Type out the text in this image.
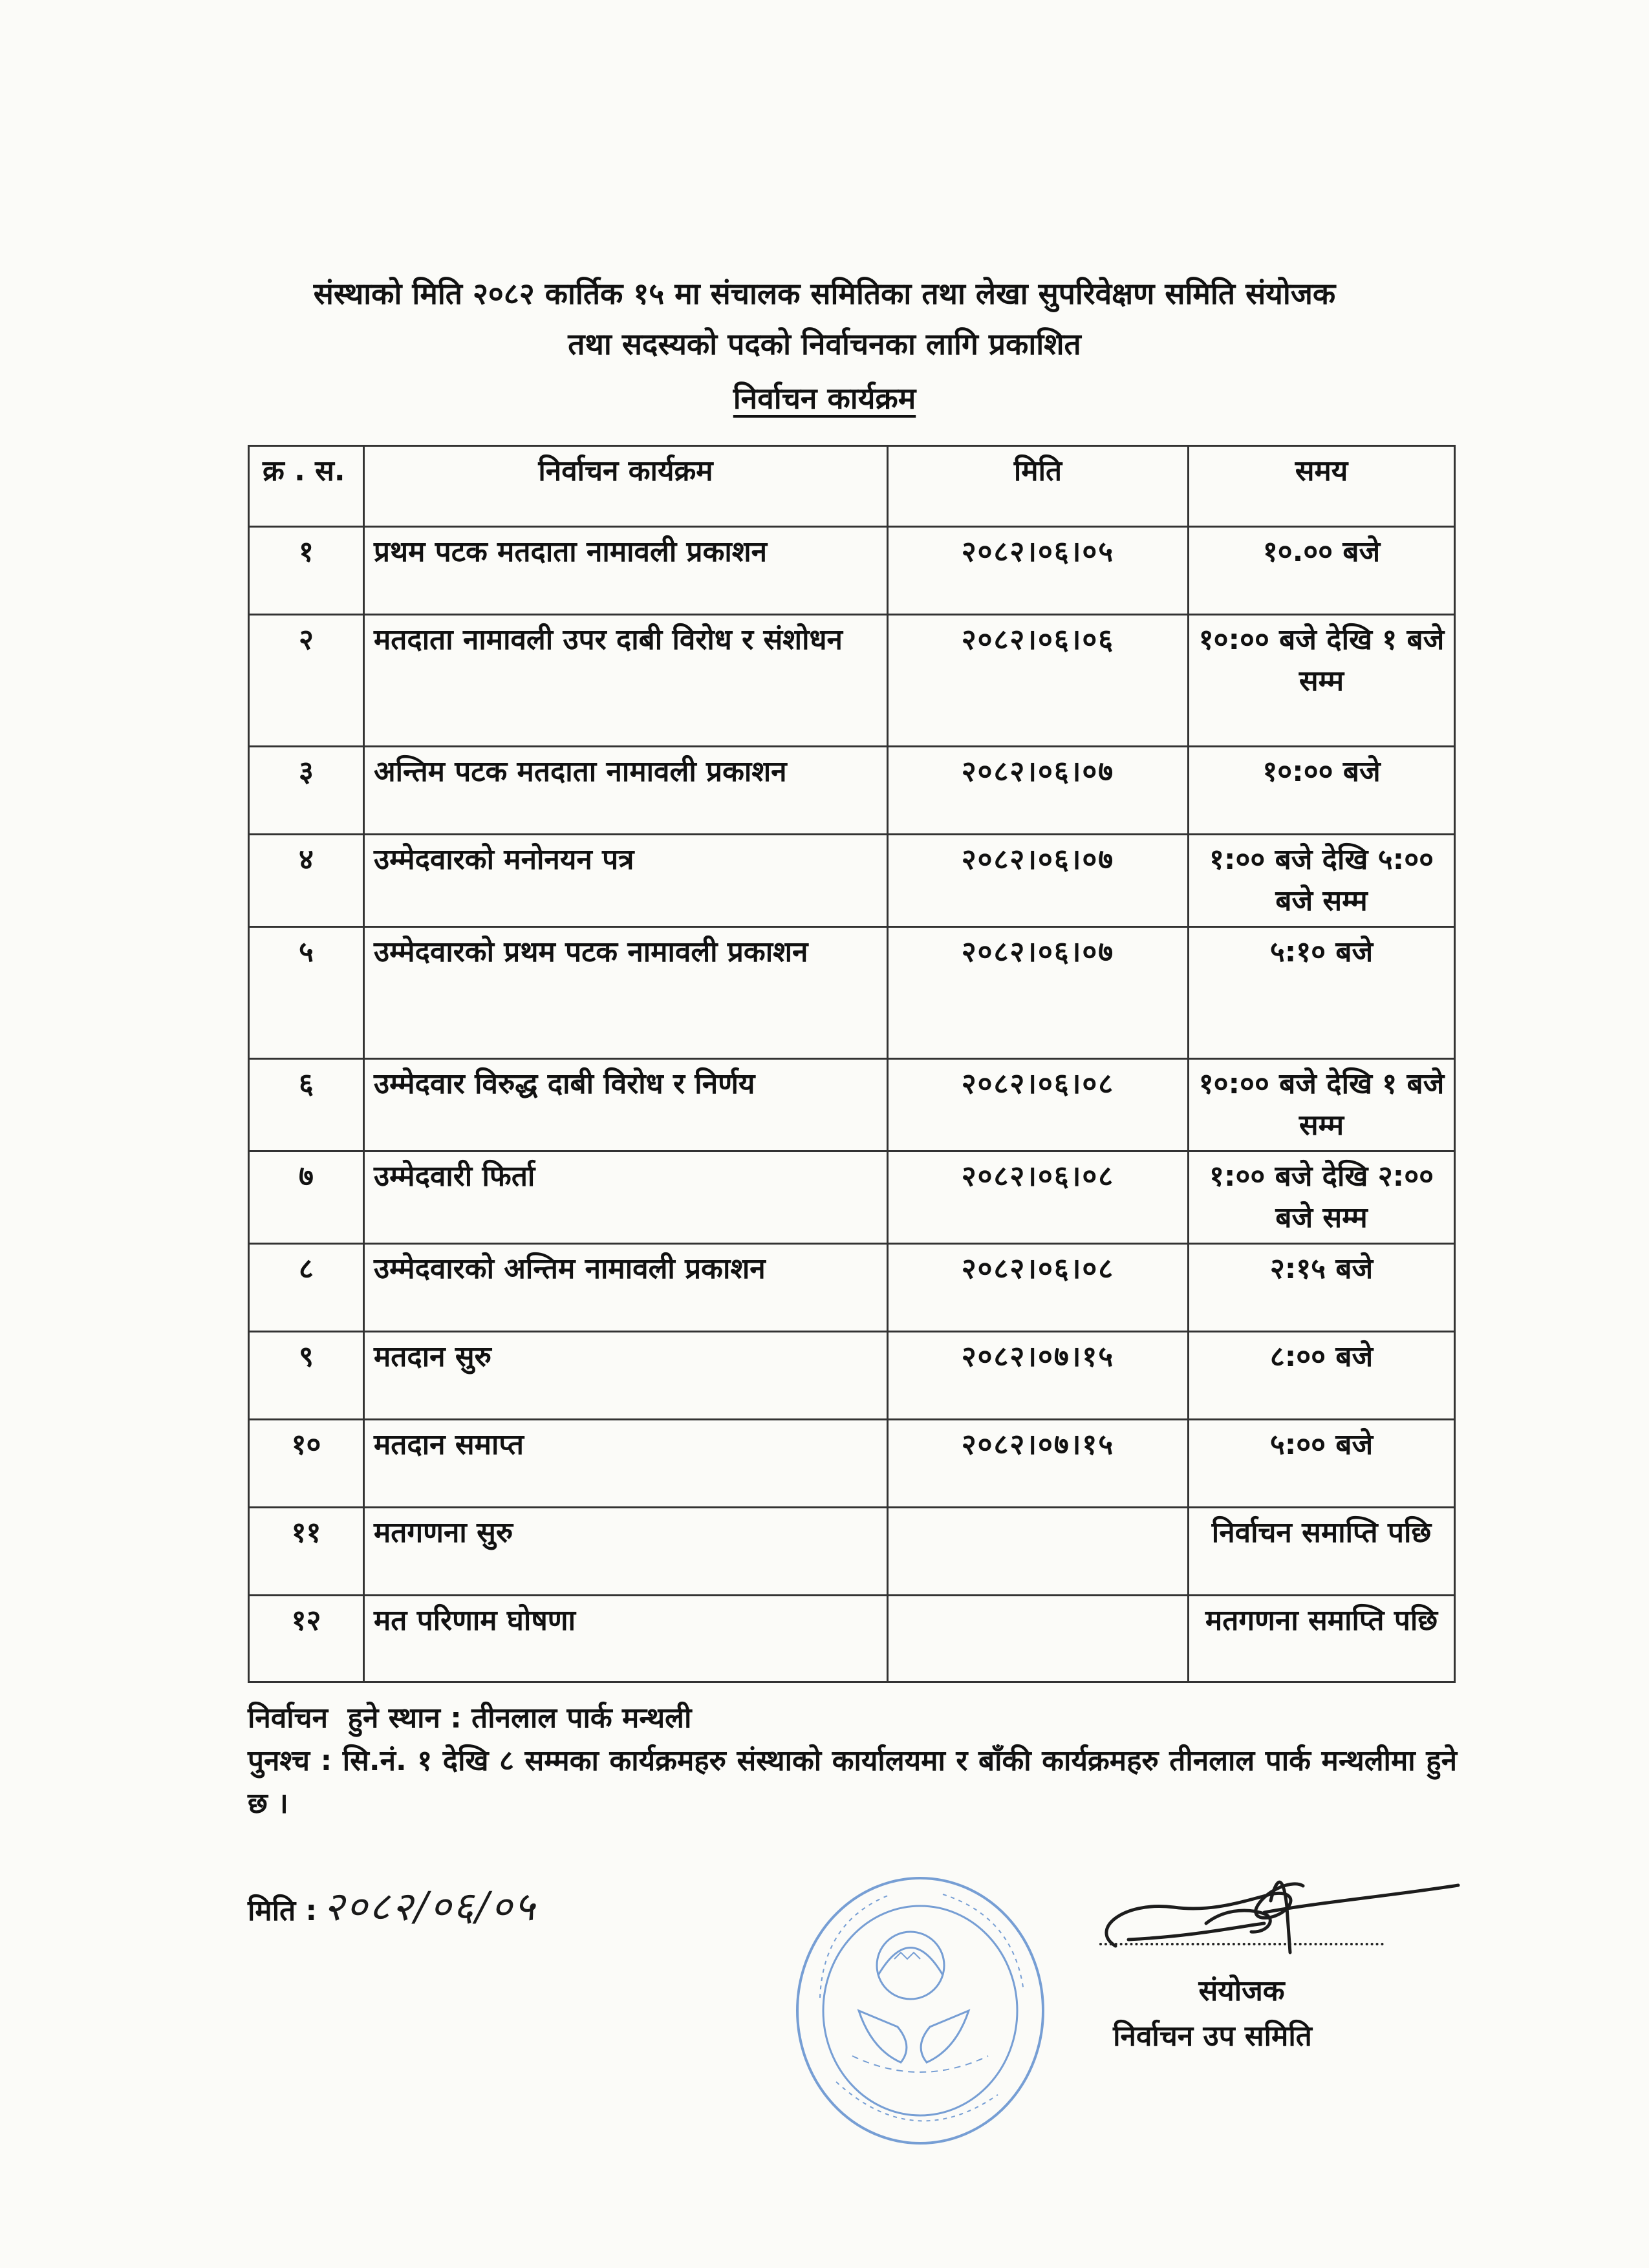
संस्थाको मिति २०८२ कार्तिक १५ मा संचालक समितिका तथा लेखा सुपरिवेक्षण समिति संयोजक
तथा सदस्यको पदको निर्वाचनका लागि प्रकाशित
निर्वाचन कार्यक्रम
क्र . स.	निर्वाचन कार्यक्रम	मिति	समय
१	प्रथम पटक मतदाता नामावली प्रकाशन	२०८२।०६।०५	१०.०० बजे
२	मतदाता नामावली उपर दाबी विरोध र संशोधन	२०८२।०६।०६	१०:०० बजे देखि १ बजे सम्म
३	अन्तिम पटक मतदाता नामावली प्रकाशन	२०८२।०६।०७	१०:०० बजे
४	उम्मेदवारको मनोनयन पत्र	२०८२।०६।०७	१:०० बजे देखि ५:०० बजे सम्म
५	उम्मेदवारको प्रथम पटक नामावली प्रकाशन	२०८२।०६।०७	५:१० बजे
६	उम्मेदवार विरुद्ध दाबी विरोध र निर्णय	२०८२।०६।०८	१०:०० बजे देखि १ बजे सम्म
७	उम्मेदवारी फिर्ता	२०८२।०६।०८	१:०० बजे देखि २:०० बजे सम्म
८	उम्मेदवारको अन्तिम नामावली प्रकाशन	२०८२।०६।०८	२:१५ बजे
९	मतदान सुरु	२०८२।०७।१५	८:०० बजे
१०	मतदान समाप्त	२०८२।०७।१५	५:०० बजे
११	मतगणना सुरु		निर्वाचन समाप्ति पछि
१२	मत परिणाम घोषणा		मतगणना समाप्ति पछि

निर्वाचन  हुने स्थान : तीनलाल पार्क मन्थली

पुनश्च : सि.नं. १ देखि ८ सम्मका कार्यक्रमहरु संस्थाको कार्यालयमा र बाँकी कार्यक्रमहरु तीनलाल पार्क मन्थलीमा हुने छ ।

मिति : २०८२/०६/०५
संयोजक
निर्वाचन उप समिति
